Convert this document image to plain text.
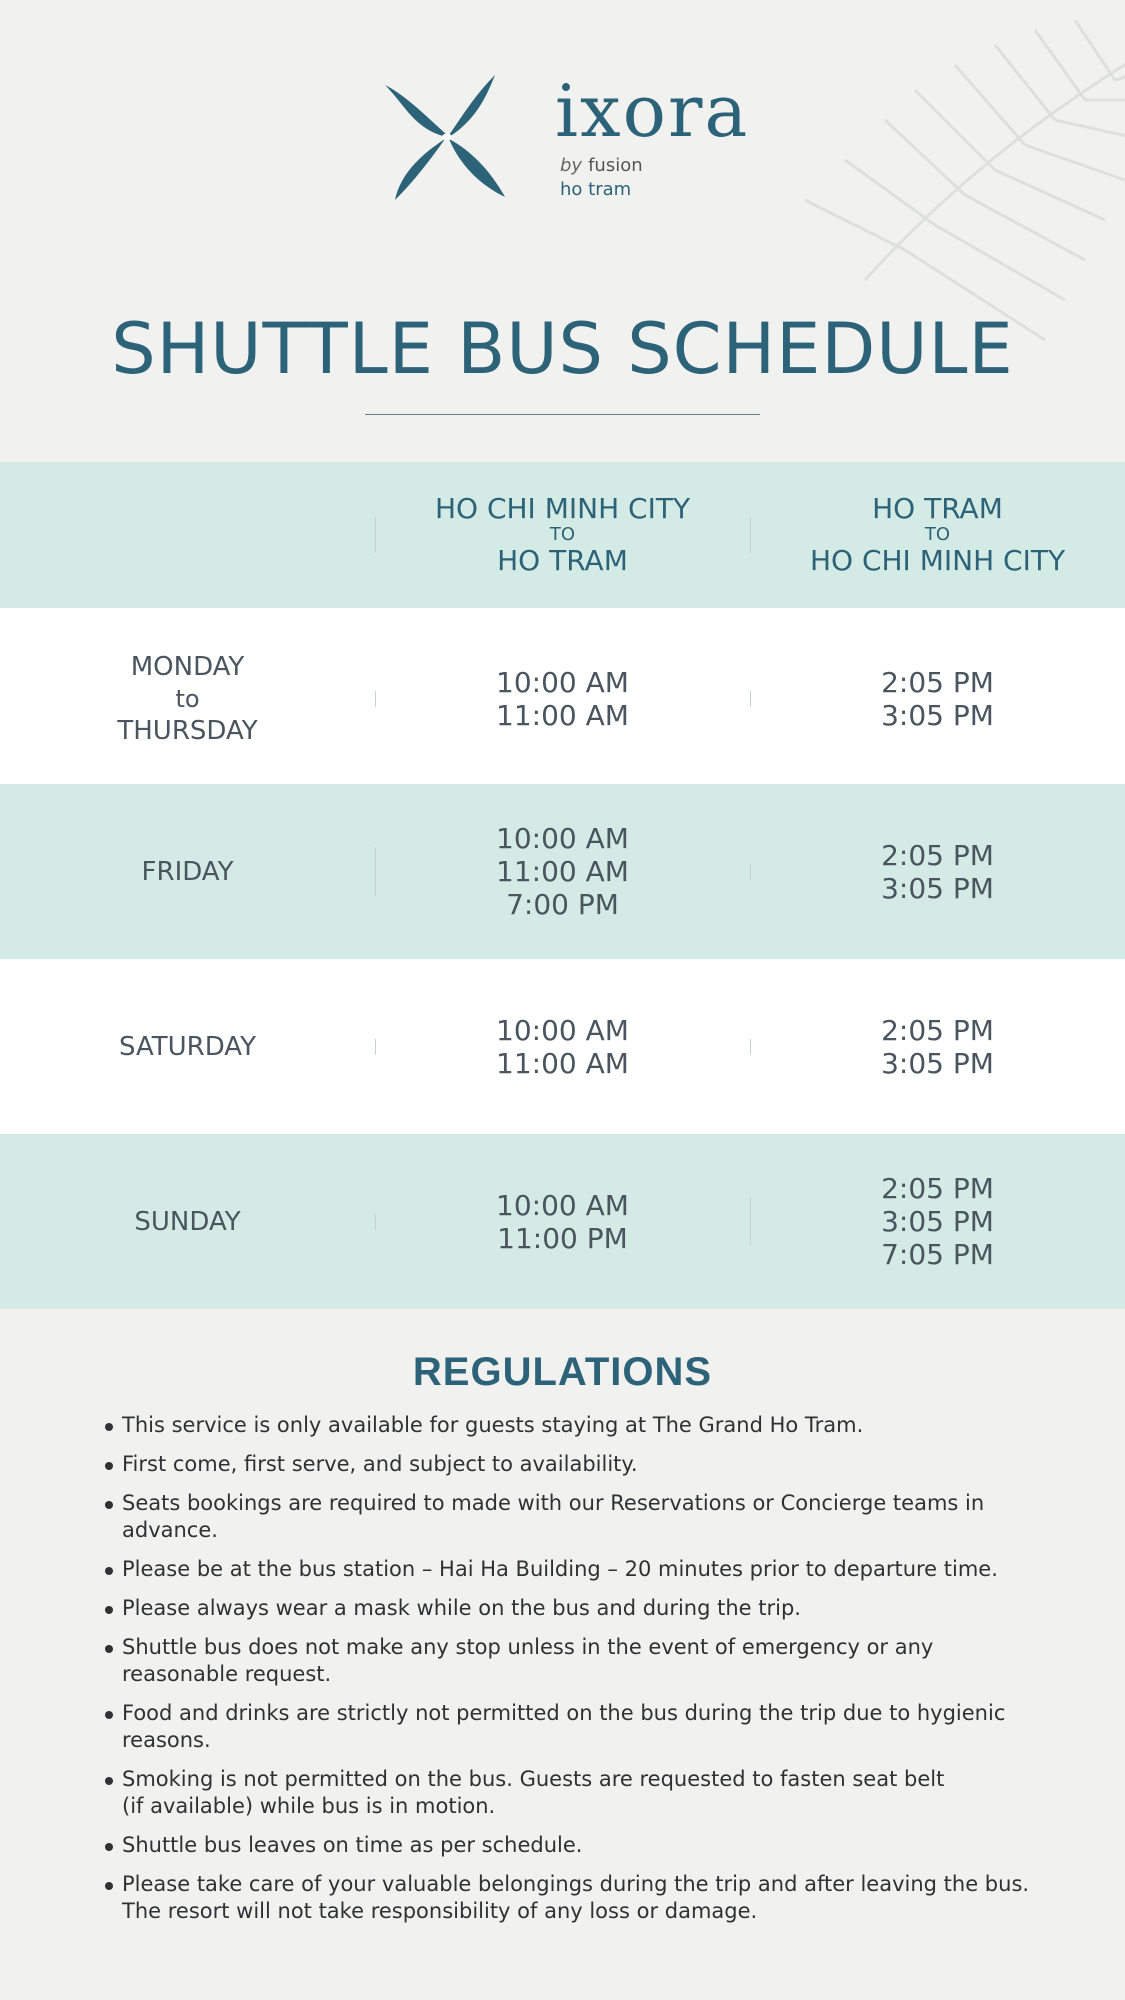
ixora
by fusion
ho tram
SHUTTLE BUS SCHEDULE
HO CHI MINH CITY
TO
HO TRAM
HO TRAM
TO
HO CHI MINH CITY
MONDAY
to
THURSDAY
10:00 AM
11:00 AM
2:05 PM
3:05 PM
FRIDAY
10:00 AM
11:00 AM
7:00 PM
2:05 PM
3:05 PM
SATURDAY	10:00 AM
11:00 AM
2:05 PM
3:05 PM
SUNDAY	10:00 AM
11:00 PM
2:05 PM
3:05 PM
7:05 PM
REGULATIONS
This service is only available for guests staying at The Grand Ho Tram.
First come, first serve, and subject to availability.
Seats bookings are required to made with our Reservations or Concierge teams in advance.
Please be at the bus station – Hai Ha Building – 20 minutes prior to departure time.
Please always wear a mask while on the bus and during the trip.
Shuttle bus does not make any stop unless in the event of emergency or any
reasonable request.
Food and drinks are strictly not permitted on the bus during the trip due to hygienic reasons.
Smoking is not permitted on the bus. Guests are requested to fasten seat belt
(if available) while bus is in motion.
Shuttle bus leaves on time as per schedule.
Please take care of your valuable belongings during the trip and after leaving the bus.
The resort will not take responsibility of any loss or damage.
